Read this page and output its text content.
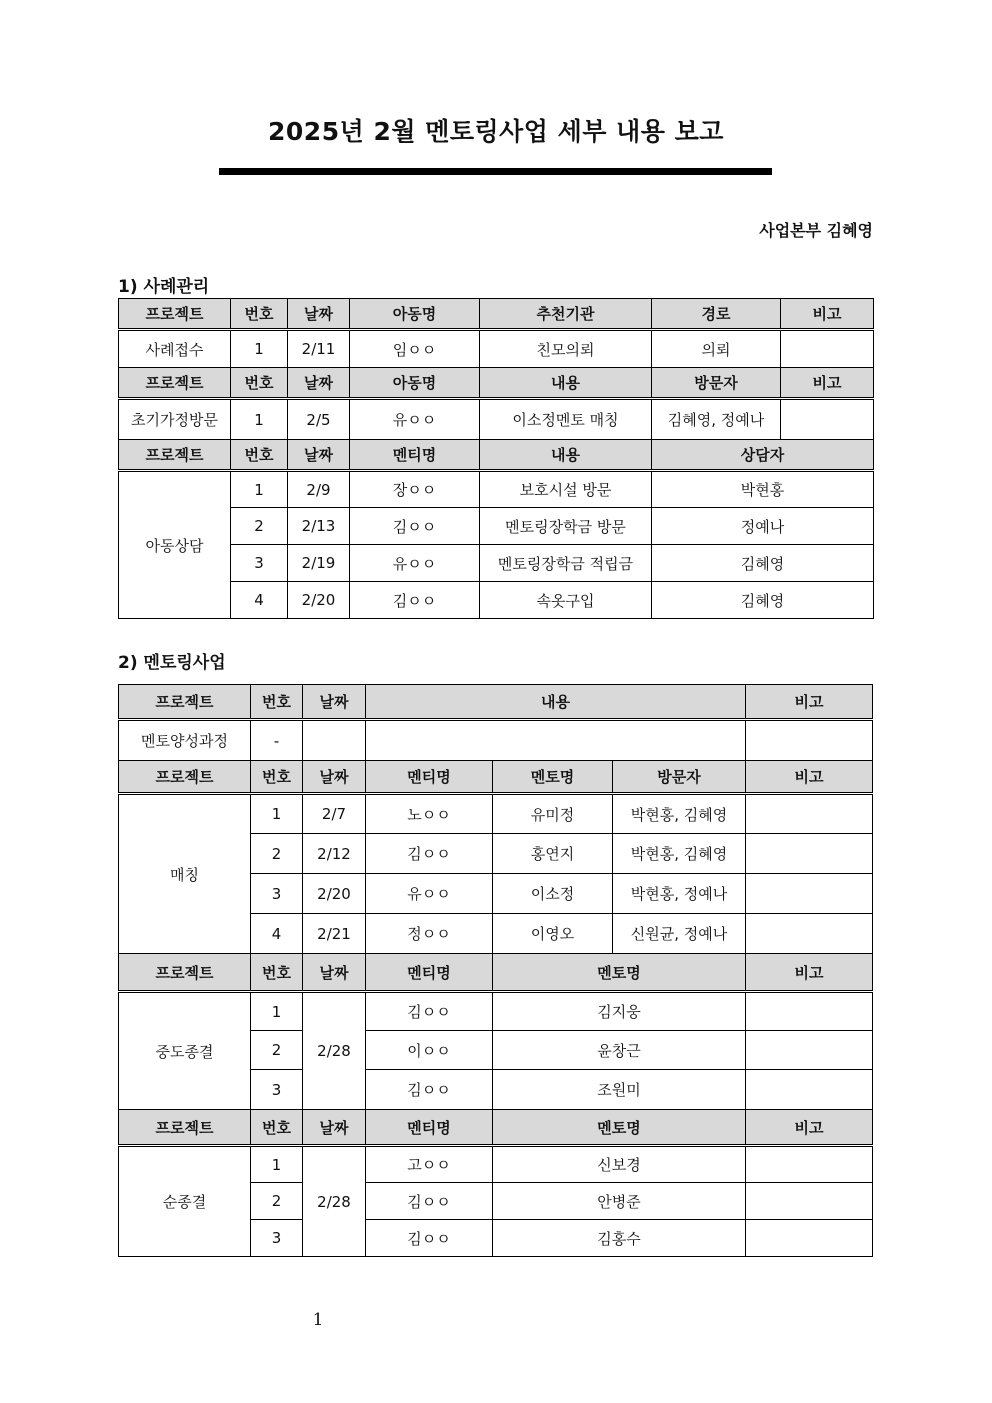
2025년 2월 멘토링사업 세부 내용 보고
사업본부 김혜영
1) 사례관리
프로젝트	번호	날짜	아동명	추천기관	경로	비고
사례접수	1	2/11	임ㅇㅇ	친모의뢰	의뢰	
프로젝트	번호	날짜	아동명	내용	방문자	비고
초기가정방문	1	2/5	유ㅇㅇ	이소정멘토 매칭	김혜영, 정예나	
프로젝트	번호	날짜	멘티명	내용	상담자	
아동상담	1	2/9	장ㅇㅇ	보호시설 방문	박현홍	
	2	2/13	김ㅇㅇ	멘토링장학금 방문	정예나	
	3	2/19	유ㅇㅇ	멘토링장학금 적립금	김혜영	
	4	2/20	김ㅇㅇ	속옷구입	김혜영	
2) 멘토링사업
프로젝트	번호	날짜	내용			비고
멘토양성과정	-					
프로젝트	번호	날짜	멘티명	멘토명	방문자	비고
매칭	1	2/7	노ㅇㅇ	유미정	박현홍, 김혜영	
	2	2/12	김ㅇㅇ	홍연지	박현홍, 김혜영	
	3	2/20	유ㅇㅇ	이소정	박현홍, 정예나	
	4	2/21	정ㅇㅇ	이영오	신원균, 정예나	
프로젝트	번호	날짜	멘티명	멘토명		비고
중도종결	1	2/28	김ㅇㅇ	김지웅		
	2		이ㅇㅇ	윤창근		
	3		김ㅇㅇ	조원미		
프로젝트	번호	날짜	멘티명	멘토명		비고
순종결	1	2/28	고ㅇㅇ	신보경		
	2		김ㅇㅇ	안병준		
	3		김ㅇㅇ	김홍수		
1
